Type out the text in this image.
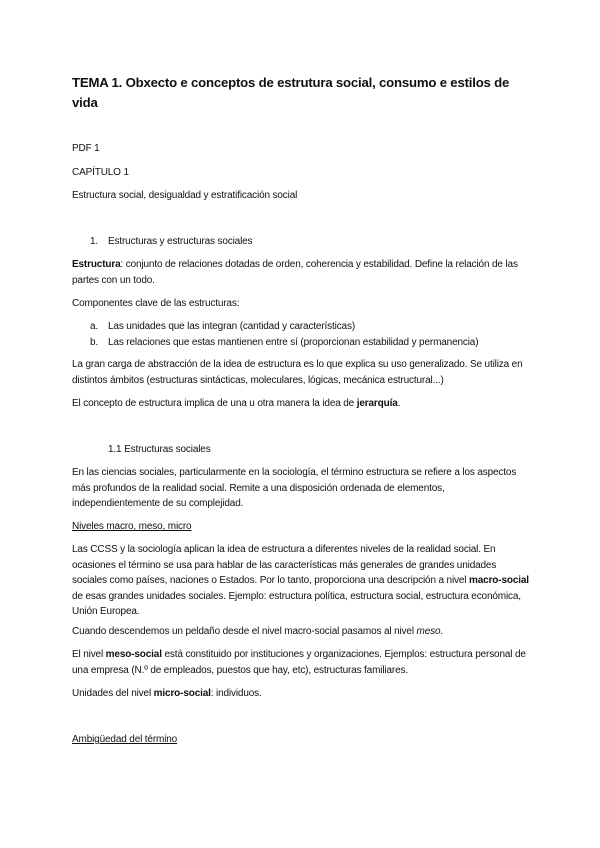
TEMA 1. Obxecto e conceptos de estrutura social, consumo e estilos de vida

PDF 1

CAPÍTULO 1

Estructura social, desigualdad y estratificación social

1. Estructuras y estructuras sociales

Estructura: conjunto de relaciones dotadas de orden, coherencia y estabilidad. Define la relación de las partes con un todo.

Componentes clave de las estructuras:

a. Las unidades que las integran (cantidad y características)
b. Las relaciones que estas mantienen entre sí (proporcionan estabilidad y permanencia)

La gran carga de abstracción de la idea de estructura es lo que explica su uso generalizado. Se utiliza en distintos ámbitos (estructuras sintácticas, moleculares, lógicas, mecánica estructural...)

El concepto de estructura implica de una u otra manera la idea de jerarquía.

1.1 Estructuras sociales

En las ciencias sociales, particularmente en la sociología, el término estructura se refiere a los aspectos más profundos de la realidad social. Remite a una disposición ordenada de elementos, independientemente de su complejidad.

Niveles macro, meso, micro

Las CCSS y la sociología aplican la idea de estructura a diferentes niveles de la realidad social. En ocasiones el término se usa para hablar de las características más generales de grandes unidades sociales como países, naciones o Estados. Por lo tanto, proporciona una descripción a nivel macro-social de esas grandes unidades sociales. Ejemplo: estructura política, estructura social, estructura económica, Unión Europea.

Cuando descendemos un peldaño desde el nivel macro-social pasamos al nivel meso.

El nivel meso-social está constituido por instituciones y organizaciones. Ejemplos: estructura personal de una empresa (N.º de empleados, puestos que hay, etc), estructuras familiares.

Unidades del nivel micro-social: individuos.

Ambigüedad del término
